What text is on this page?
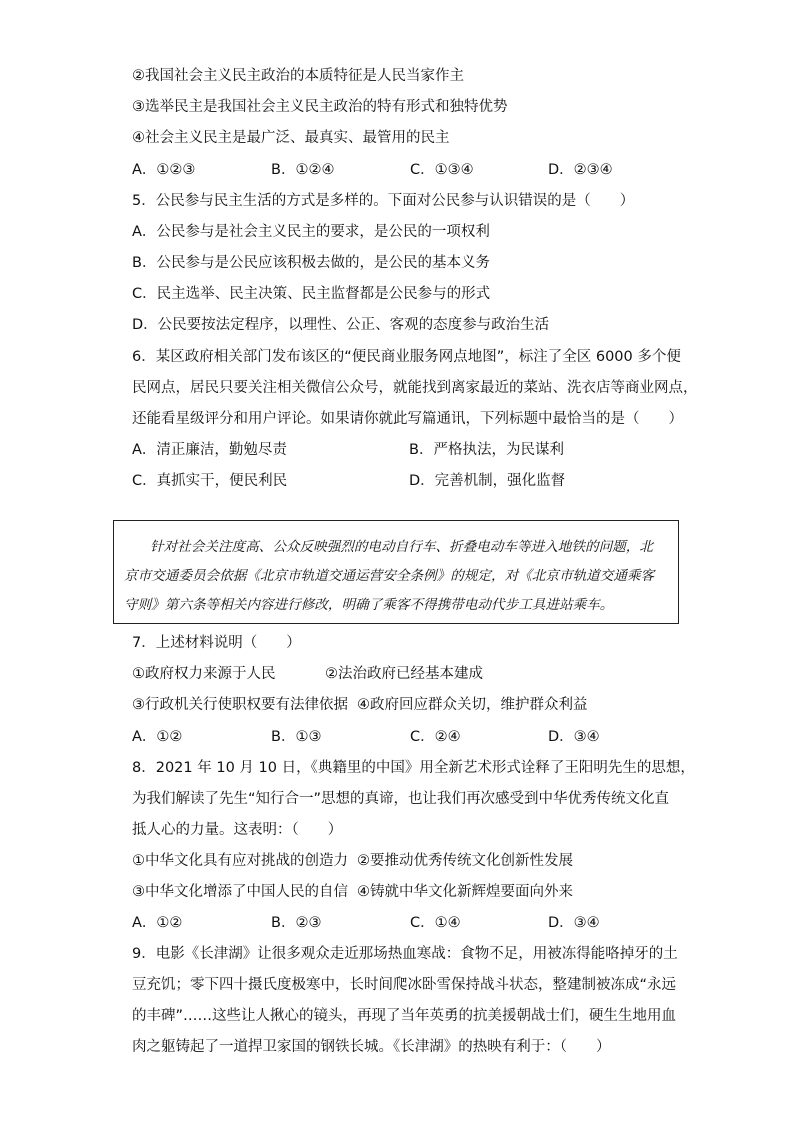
②我国社会主义民主政治的本质特征是人民当家作主
③选举民主是我国社会主义民主政治的特有形式和独特优势
④社会主义民主是最广泛、最真实、最管用的民主
A．①②③	B．①②④	C．①③④	D．②③④
5．公民参与民主生活的方式是多样的。下面对公民参与认识错误的是（　　）
A．公民参与是社会主义民主的要求，是公民的一项权利
B．公民参与是公民应该积极去做的，是公民的基本义务
C．民主选举、民主决策、民主监督都是公民参与的形式
D．公民要按法定程序，以理性、公正、客观的态度参与政治生活
6．某区政府相关部门发布该区的“便民商业服务网点地图”，标注了全区 6000 多个便
民网点，居民只要关注相关微信公众号，就能找到离家最近的菜站、洗衣店等商业网点，
还能看星级评分和用户评论。如果请你就此写篇通讯，下列标题中最恰当的是（　　）
A．清正廉洁，勤勉尽责	B．严格执法，为民谋利
C．真抓实干，便民利民	D．完善机制，强化监督
针对社会关注度高、公众反映强烈的电动自行车、折叠电动车等进入地铁的问题，北
京市交通委员会依据《北京市轨道交通运营安全条例》的规定，对《北京市轨道交通乘客
守则》第六条等相关内容进行修改，明确了乘客不得携带电动代步工具进站乘车。
7．上述材料说明（　　）
①政府权力来源于人民	②法治政府已经基本建成
③行政机关行使职权要有法律依据 ④政府回应群众关切，维护群众利益
A．①②	B．①③	C．②④	D．③④
8．2021 年 10 月 10 日，《典籍里的中国》用全新艺术形式诠释了王阳明先生的思想，
为我们解读了先生“知行合一”思想的真谛，也让我们再次感受到中华优秀传统文化直
抵人心的力量。这表明：（　　）
①中华文化具有应对挑战的创造力 ②要推动优秀传统文化创新性发展
③中华文化增添了中国人民的自信 ④铸就中华文化新辉煌要面向外来
A．①②	B．②③	C．①④	D．③④
9．电影《长津湖》让很多观众走近那场热血寒战：食物不足，用被冻得能咯掉牙的土
豆充饥；零下四十摄氏度极寒中，长时间爬冰卧雪保持战斗状态，整建制被冻成“永远
的丰碑”……这些让人揪心的镜头，再现了当年英勇的抗美援朝战士们，硬生生地用血
肉之躯铸起了一道捍卫家国的钢铁长城。《长津湖》的热映有利于：（　　）
